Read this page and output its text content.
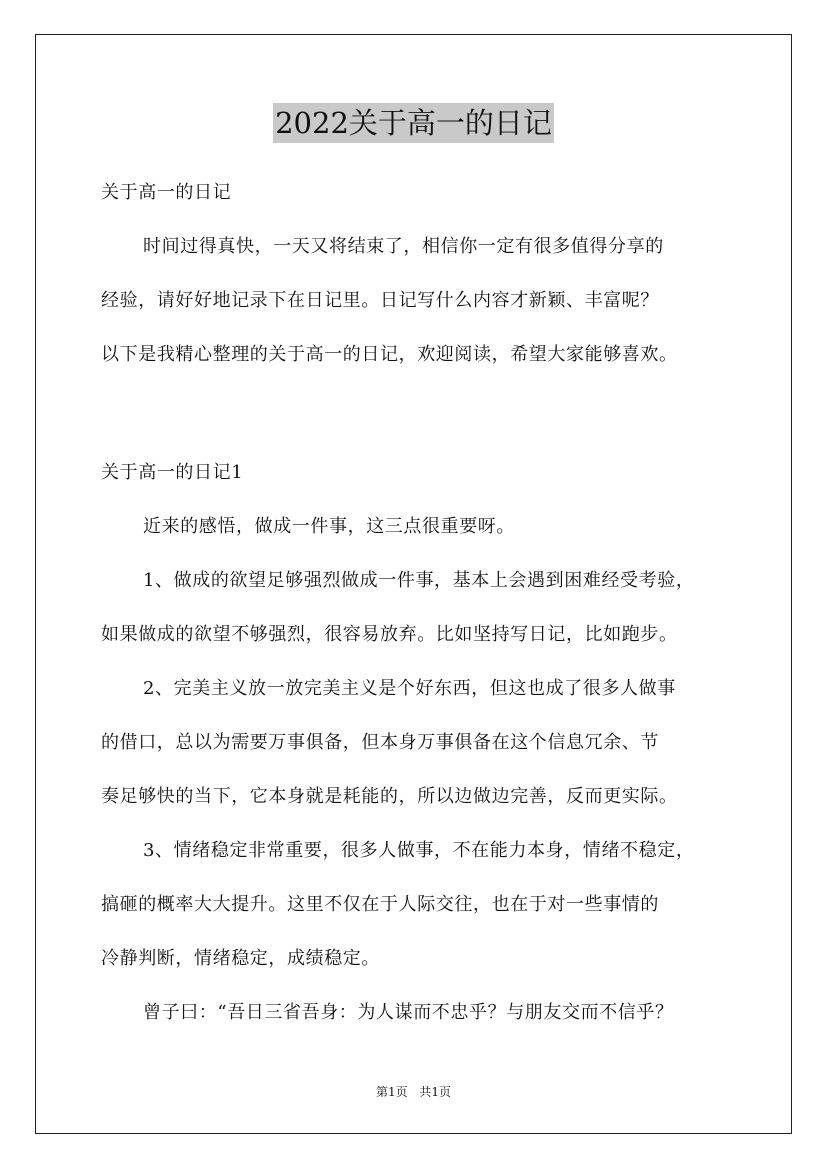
2022关于高一的日记
关于高一的日记
时间过得真快，一天又将结束了，相信你一定有很多值得分享的
经验，请好好地记录下在日记里。日记写什么内容才新颖、丰富呢？
以下是我精心整理的关于高一的日记，欢迎阅读，希望大家能够喜欢。
关于高一的日记1
近来的感悟，做成一件事，这三点很重要呀。
1、做成的欲望足够强烈做成一件事，基本上会遇到困难经受考验，
如果做成的欲望不够强烈，很容易放弃。比如坚持写日记，比如跑步。
2、完美主义放一放完美主义是个好东西，但这也成了很多人做事
的借口，总以为需要万事俱备，但本身万事俱备在这个信息冗余、节
奏足够快的当下，它本身就是耗能的，所以边做边完善，反而更实际。
3、情绪稳定非常重要，很多人做事，不在能力本身，情绪不稳定，
搞砸的概率大大提升。这里不仅在于人际交往，也在于对一些事情的
冷静判断，情绪稳定，成绩稳定。
曾子曰：“吾日三省吾身：为人谋而不忠乎？与朋友交而不信乎？
第1页 共1页
